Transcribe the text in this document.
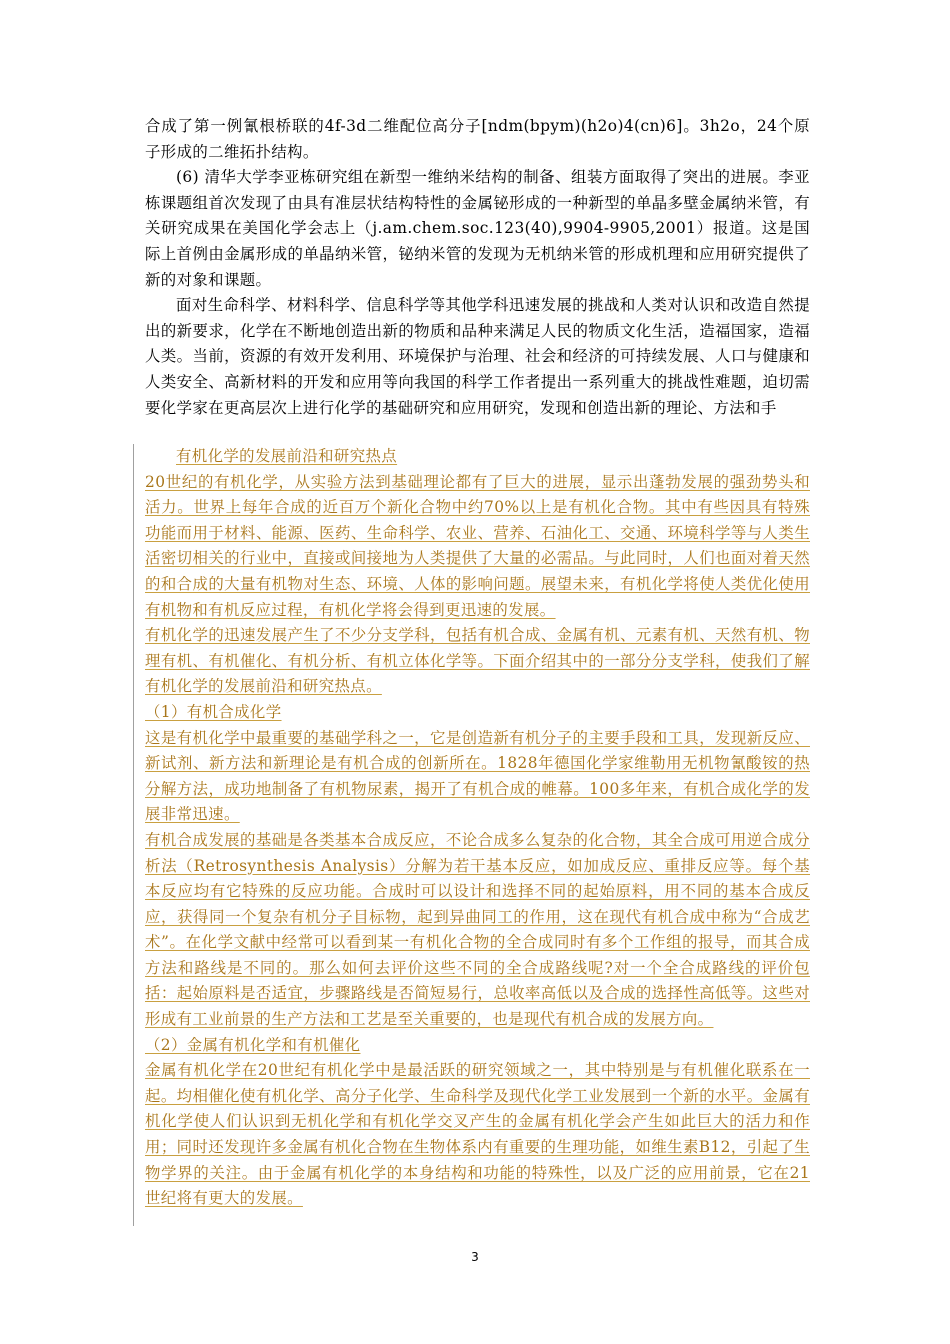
合成了第一例氰根桥联的4f-3d二维配位高分子[ndm(bpym)(h2o)4(cn)6]。3h2o，24个原子形成的二维拓扑结构。

(6) 清华大学李亚栋研究组在新型一维纳米结构的制备、组装方面取得了突出的进展。李亚栋课题组首次发现了由具有准层状结构特性的金属铋形成的一种新型的单晶多壁金属纳米管，有关研究成果在美国化学会志上（j.am.chem.soc.123(40),9904-9905,2001）报道。这是国际上首例由金属形成的单晶纳米管，铋纳米管的发现为无机纳米管的形成机理和应用研究提供了新的对象和课题。

面对生命科学、材料科学、信息科学等其他学科迅速发展的挑战和人类对认识和改造自然提出的新要求，化学在不断地创造出新的物质和品种来满足人民的物质文化生活，造福国家，造福人类。当前，资源的有效开发利用、环境保护与治理、社会和经济的可持续发展、人口与健康和人类安全、高新材料的开发和应用等向我国的科学工作者提出一系列重大的挑战性难题，迫切需要化学家在更高层次上进行化学的基础研究和应用研究，发现和创造出新的理论、方法和手

有机化学的发展前沿和研究热点

20世纪的有机化学，从实验方法到基础理论都有了巨大的进展，显示出蓬勃发展的强劲势头和活力。世界上每年合成的近百万个新化合物中约70%以上是有机化合物。其中有些因具有特殊功能而用于材料、能源、医药、生命科学、农业、营养、石油化工、交通、环境科学等与人类生活密切相关的行业中，直接或间接地为人类提供了大量的必需品。与此同时，人们也面对着天然的和合成的大量有机物对生态、环境、人体的影响问题。展望未来，有机化学将使人类优化使用有机物和有机反应过程，有机化学将会得到更迅速的发展。

有机化学的迅速发展产生了不少分支学科，包括有机合成、金属有机、元素有机、天然有机、物理有机、有机催化、有机分析、有机立体化学等。下面介绍其中的一部分分支学科，使我们了解有机化学的发展前沿和研究热点。

（1）有机合成化学

这是有机化学中最重要的基础学科之一，它是创造新有机分子的主要手段和工具，发现新反应、新试剂、新方法和新理论是有机合成的创新所在。1828年德国化学家维勒用无机物氰酸铵的热分解方法，成功地制备了有机物尿素，揭开了有机合成的帷幕。100多年来，有机合成化学的发展非常迅速。

有机合成发展的基础是各类基本合成反应，不论合成多么复杂的化合物，其全合成可用逆合成分析法（Retrosynthesis Analysis）分解为若干基本反应，如加成反应、重排反应等。每个基本反应均有它特殊的反应功能。合成时可以设计和选择不同的起始原料，用不同的基本合成反应，获得同一个复杂有机分子目标物，起到异曲同工的作用，这在现代有机合成中称为“合成艺术”。在化学文献中经常可以看到某一有机化合物的全合成同时有多个工作组的报导，而其合成方法和路线是不同的。那么如何去评价这些不同的全合成路线呢?对一个全合成路线的评价包括：起始原料是否适宜，步骤路线是否简短易行，总收率高低以及合成的选择性高低等。这些对形成有工业前景的生产方法和工艺是至关重要的，也是现代有机合成的发展方向。

（2）金属有机化学和有机催化

金属有机化学在20世纪有机化学中是最活跃的研究领域之一，其中特别是与有机催化联系在一起。均相催化使有机化学、高分子化学、生命科学及现代化学工业发展到一个新的水平。金属有机化学使人们认识到无机化学和有机化学交叉产生的金属有机化学会产生如此巨大的活力和作用；同时还发现许多金属有机化合物在生物体系内有重要的生理功能，如维生素B12，引起了生物学界的关注。由于金属有机化学的本身结构和功能的特殊性，以及广泛的应用前景，它在21世纪将有更大的发展。

3
